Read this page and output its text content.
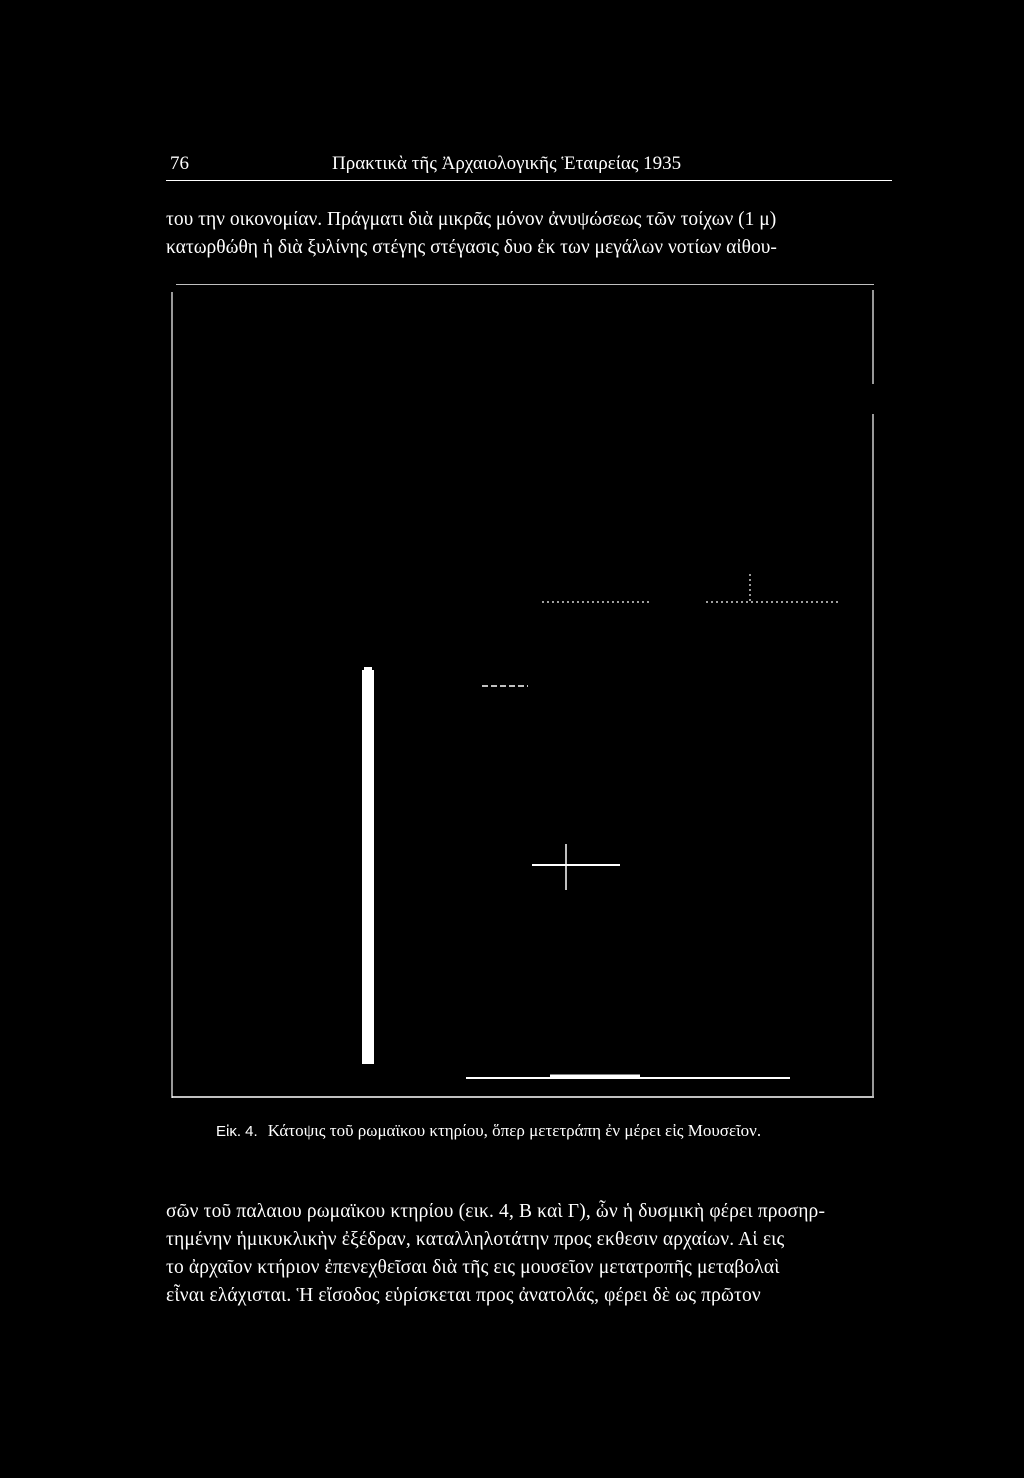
76	Πρακτικὰ τῆς Ἀρχαιολογικῆς Ἑταιρείας 1935
του την οικονομίαν. Πράγματι διὰ μικρᾶς μόνον ἀνυψώσεως τῶν τοίχων (1 μ)
κατωρθώθη ἡ διὰ ξυλίνης στέγης στέγασις δυο ἐκ των μεγάλων νοτίων αἰθου-
Εἰκ. 4. Κάτοψις τοῦ ρωμαϊκου κτηρίου, ὅπερ μετετράπη ἐν μέρει εἰς Μουσεῖον.
σῶν τοῦ παλαιου ρωμαϊκου κτηρίου (εικ. 4, Β καὶ Γ), ὧν ἡ δυσμικὴ φέρει προσηρ-
τημένην ἡμικυκλικὴν ἐξέδραν, καταλληλοτάτην προς εκθεσιν αρχαίων. Αἱ εις
το ἀρχαῖον κτήριον ἐπενεχθεῖσαι διὰ τῆς εις μουσεῖον μετατροπῆς μεταβολαὶ
εἶναι ελάχισται. Ἡ εἴσοδος εὑρίσκεται προς ἀνατολάς, φέρει δὲ ως πρῶτον
